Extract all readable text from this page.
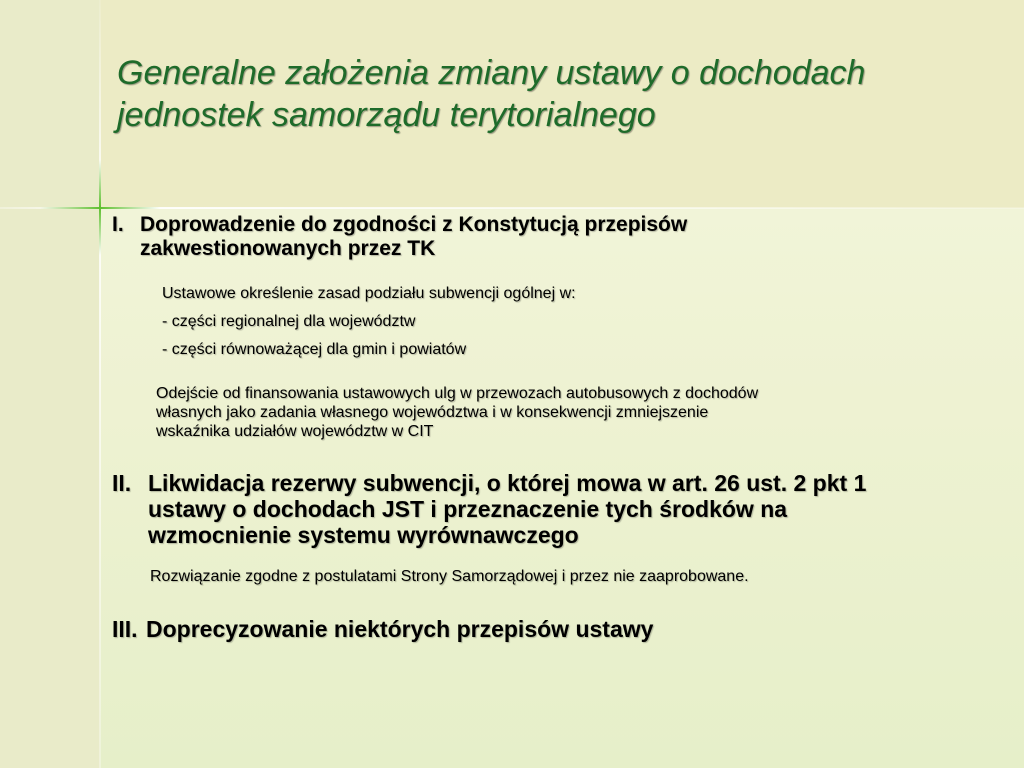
Generalne założenia zmiany ustawy o dochodach
jednostek samorządu terytorialnego

I. Doprowadzenie do zgodności z Konstytucją przepisów

zakwestionowanych przez TK

Ustawowe określenie zasad podziału subwencji ogólnej w:

- części regionalnej dla województw

- części równoważącej dla gmin i powiatów

Odejście od finansowania ustawowych ulg w przewozach autobusowych z dochodów

własnych jako zadania własnego województwa i w konsekwencji zmniejszenie

wskaźnika udziałów województw w CIT

II. Likwidacja rezerwy subwencji, o której mowa w art. 26 ust. 2 pkt 1

ustawy o dochodach JST i przeznaczenie tych środków na

wzmocnienie systemu wyrównawczego

Rozwiązanie zgodne z postulatami Strony Samorządowej i przez nie zaaprobowane.

III. Doprecyzowanie niektórych przepisów ustawy
